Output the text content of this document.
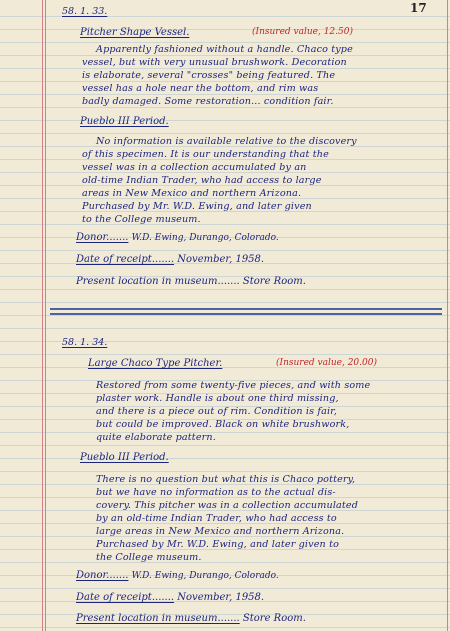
17
58. 1. 33.
Pitcher Shape Vessel.	(Insured value, 12.50)
Apparently fashioned without a handle. Chaco type
vessel, but with very unusual brushwork. Decoration
is elaborate, several "crosses" being featured. The
vessel has a hole near the bottom, and rim was
badly damaged. Some restoration... condition fair.
Pueblo III Period.
No information is available relative to the discovery
of this specimen. It is our understanding that the
vessel was in a collection accumulated by an
old-time Indian Trader, who had access to large
areas in New Mexico and northern Arizona.
Purchased by Mr. W.D. Ewing, and later given
to the College museum.
Donor....... W.D. Ewing, Durango, Colorado.
Date of receipt....... November, 1958.
Present location in museum....... Store Room.
58. 1. 34.
Large Chaco Type Pitcher.	(Insured value, 20.00)
Restored from some twenty-five pieces, and with some
plaster work. Handle is about one third missing,
and there is a piece out of rim. Condition is fair,
but could be improved. Black on white brushwork,
quite elaborate pattern.
Pueblo III Period.
There is no question but what this is Chaco pottery,
but we have no information as to the actual dis-
covery. This pitcher was in a collection accumulated
by an old-time Indian Trader, who had access to
large areas in New Mexico and northern Arizona.
Purchased by Mr. W.D. Ewing, and later given to
the College museum.
Donor....... W.D. Ewing, Durango, Colorado.
Date of receipt....... November, 1958.
Present location in museum....... Store Room.
